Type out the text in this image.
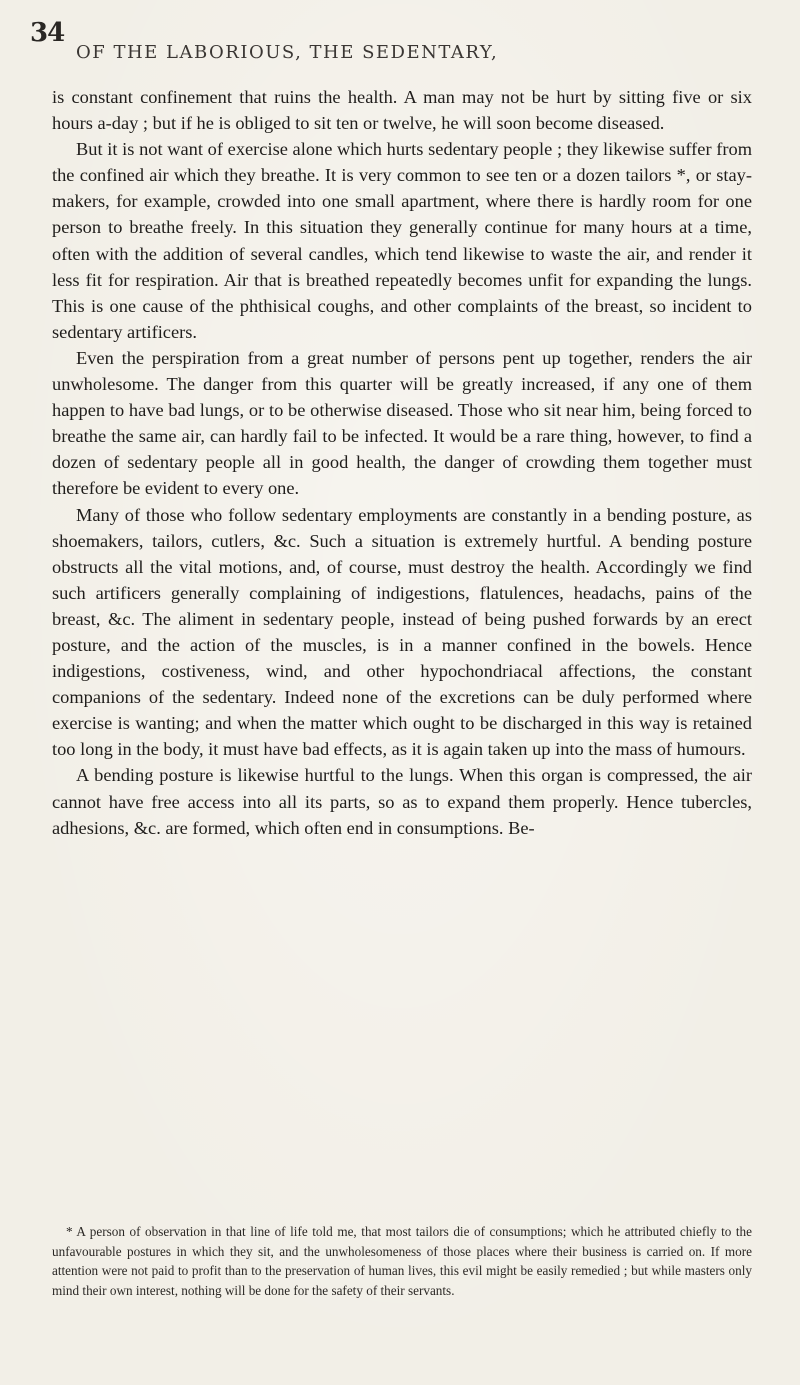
34
OF THE LABORIOUS, THE SEDENTARY,

is constant confinement that ruins the health. A man may not be hurt by sitting five or six hours a-day ; but if he is obliged to sit ten or twelve, he will soon become diseased.

But it is not want of exercise alone which hurts sedentary people ; they likewise suffer from the confined air which they breathe. It is very common to see ten or a dozen tailors *, or stay-makers, for example, crowded into one small apartment, where there is hardly room for one person to breathe freely. In this situation they generally continue for many hours at a time, often with the addition of several candles, which tend likewise to waste the air, and render it less fit for respiration. Air that is breathed repeatedly becomes unfit for expanding the lungs. This is one cause of the phthisical coughs, and other complaints of the breast, so incident to sedentary artificers.

Even the perspiration from a great number of persons pent up together, renders the air unwholesome. The danger from this quarter will be greatly increased, if any one of them happen to have bad lungs, or to be otherwise diseased. Those who sit near him, being forced to breathe the same air, can hardly fail to be infected. It would be a rare thing, however, to find a dozen of sedentary people all in good health, the danger of crowding them together must therefore be evident to every one.

Many of those who follow sedentary employments are constantly in a bending posture, as shoemakers, tailors, cutlers, &c. Such a situation is extremely hurtful. A bending posture obstructs all the vital motions, and, of course, must destroy the health. Accordingly we find such artificers generally complaining of indigestions, flatulences, headachs, pains of the breast, &c. The aliment in sedentary people, instead of being pushed forwards by an erect posture, and the action of the muscles, is in a manner confined in the bowels. Hence indigestions, costiveness, wind, and other hypochondriacal affections, the constant companions of the sedentary. Indeed none of the excretions can be duly performed where exercise is wanting; and when the matter which ought to be discharged in this way is retained too long in the body, it must have bad effects, as it is again taken up into the mass of humours.

A bending posture is likewise hurtful to the lungs. When this organ is compressed, the air cannot have free access into all its parts, so as to expand them properly. Hence tubercles, adhesions, &c. are formed, which often end in consumptions. Be-

* A person of observation in that line of life told me, that most tailors die of consumptions; which he attributed chiefly to the unfavourable postures in which they sit, and the unwholesomeness of those places where their business is carried on. If more attention were not paid to profit than to the preservation of human lives, this evil might be easily remedied ; but while masters only mind their own interest, nothing will be done for the safety of their servants.
